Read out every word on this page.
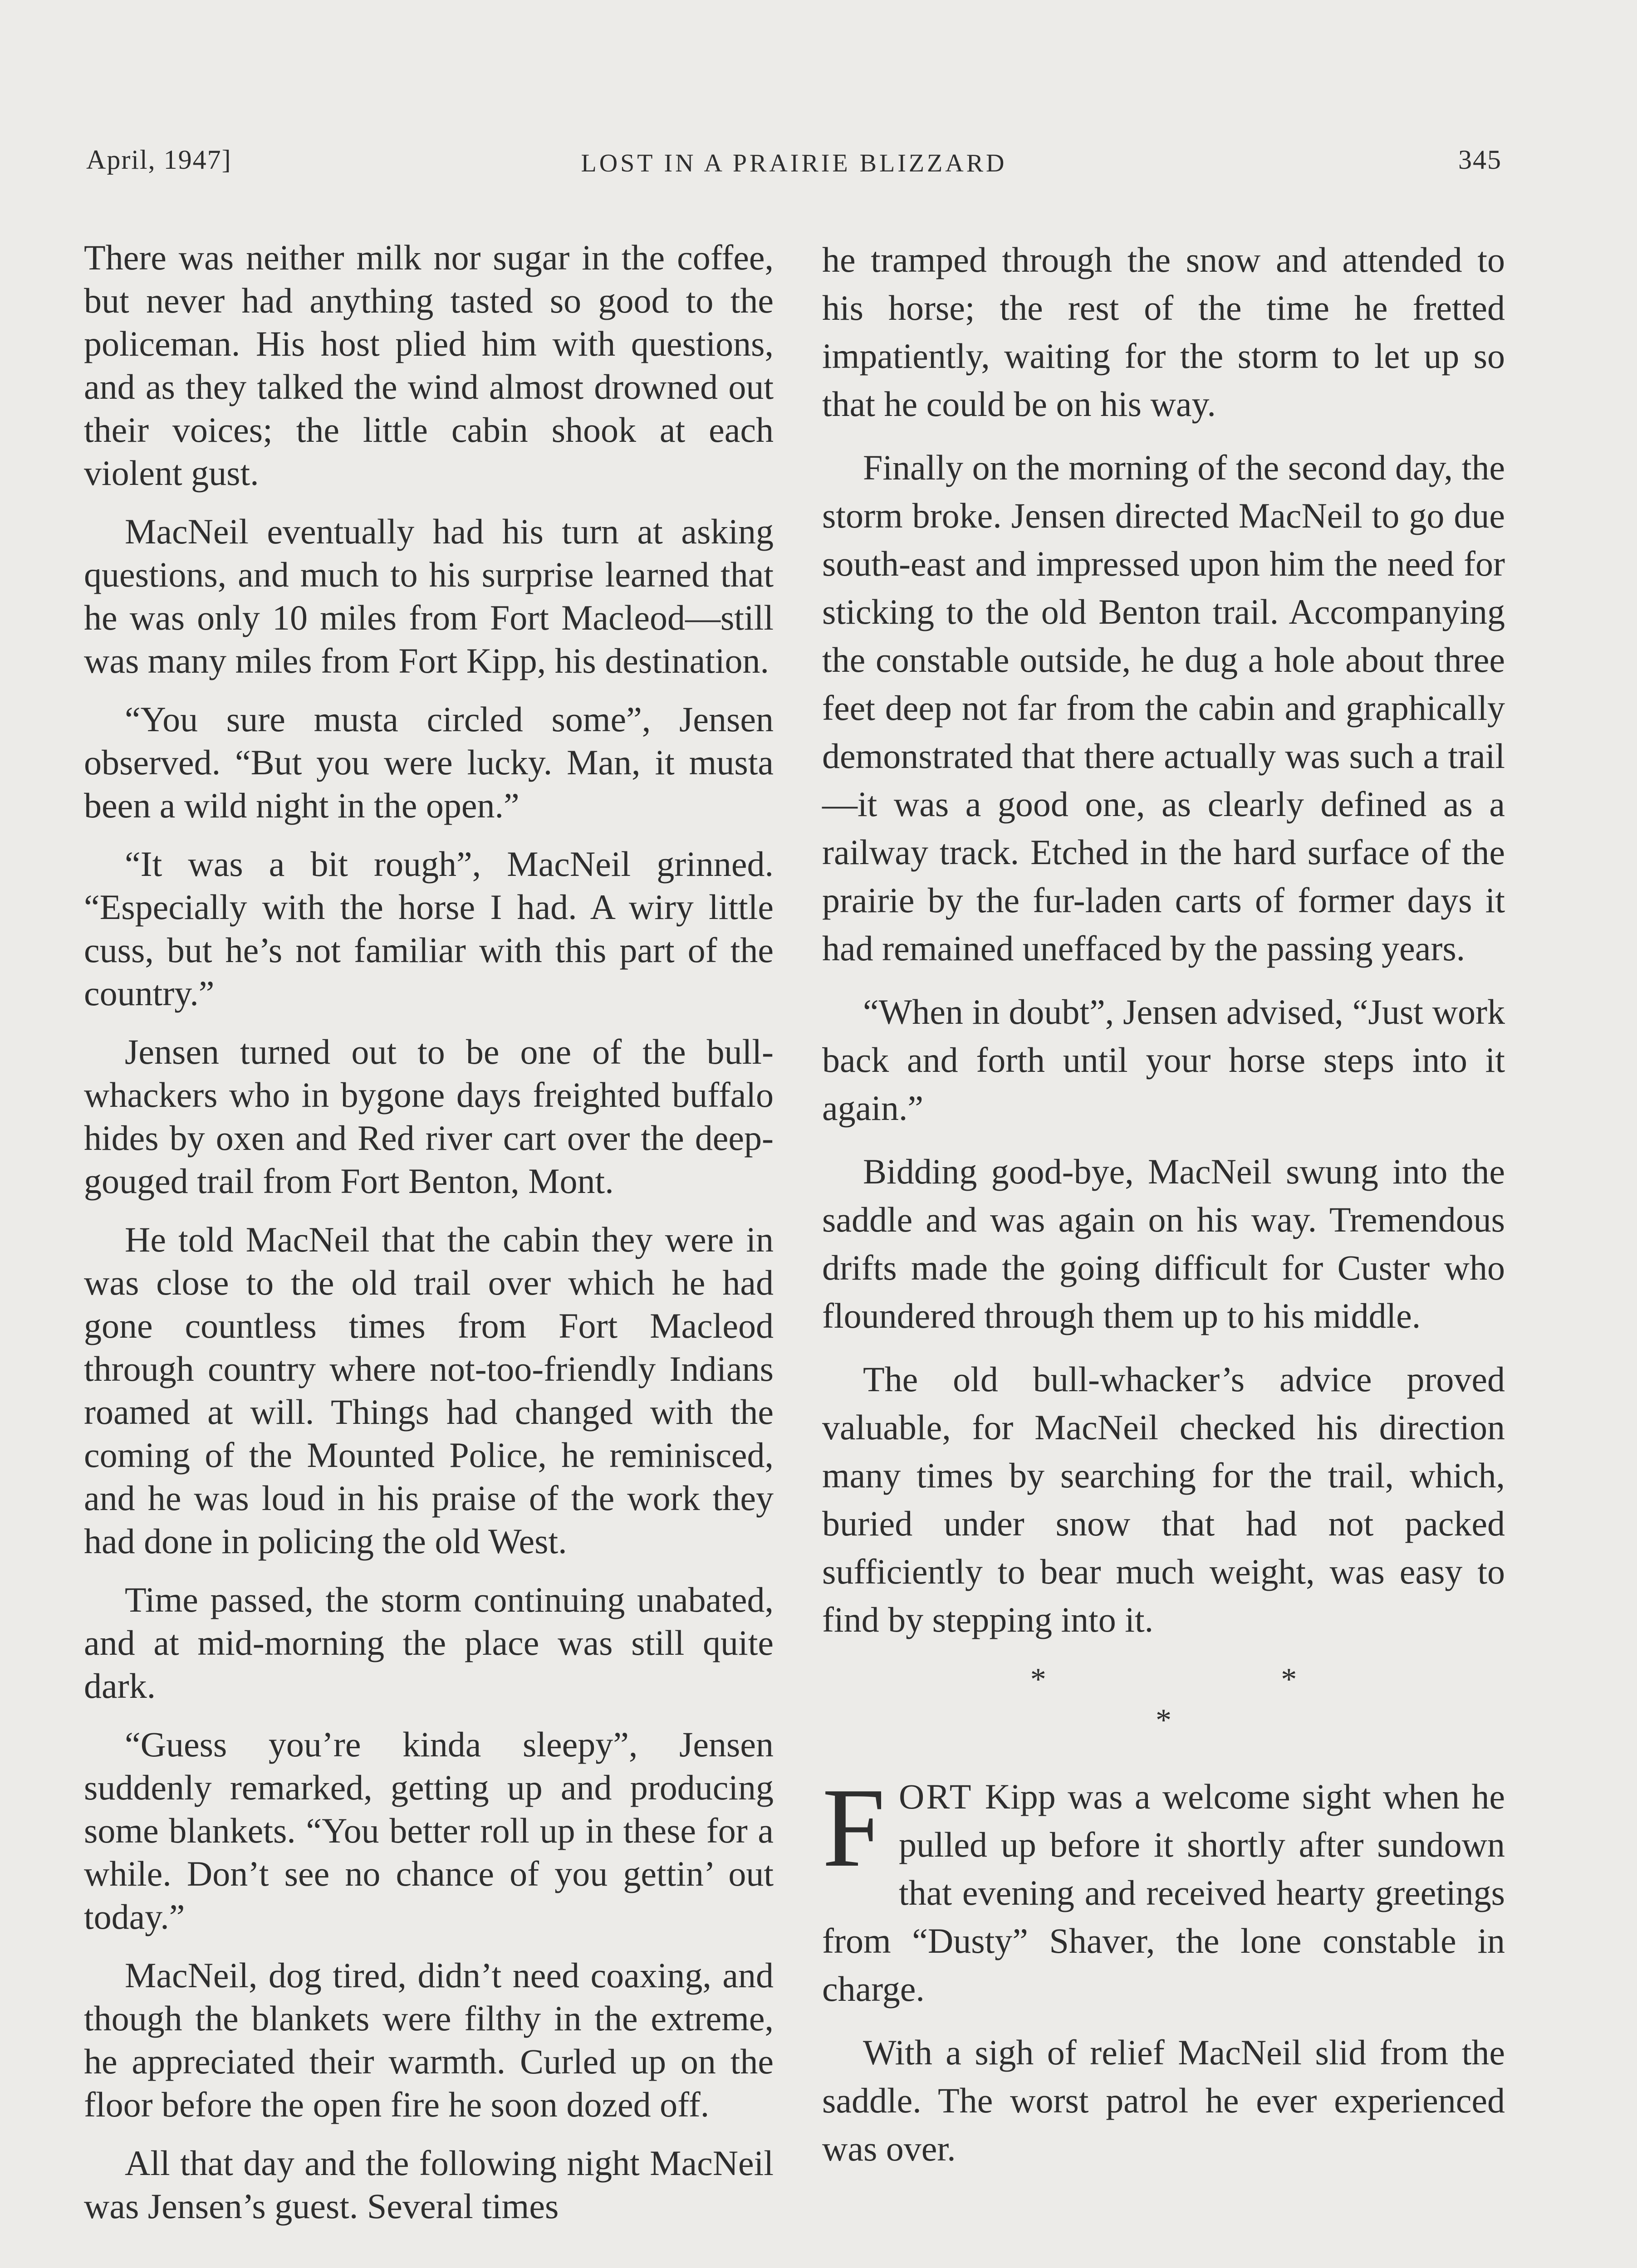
April, 1947]	LOST IN A PRAIRIE BLIZZARD	345

There was neither milk nor sugar in the coffee, but never had anything tasted so good to the policeman. His host plied him with questions, and as they talked the wind almost drowned out their voices; the little cabin shook at each violent gust.

MacNeil eventually had his turn at asking questions, and much to his surprise learned that he was only 10 miles from Fort Macleod—still was many miles from Fort Kipp, his destination.

“You sure musta circled some”, Jensen observed. “But you were lucky. Man, it musta been a wild night in the open.”

“It was a bit rough”, MacNeil grinned. “Especially with the horse I had. A wiry little cuss, but he’s not familiar with this part of the country.”

Jensen turned out to be one of the bull-whackers who in bygone days freighted buffalo hides by oxen and Red river cart over the deep-gouged trail from Fort Benton, Mont.

He told MacNeil that the cabin they were in was close to the old trail over which he had gone countless times from Fort Macleod through country where not-too-friendly Indians roamed at will. Things had changed with the coming of the Mounted Police, he reminisced, and he was loud in his praise of the work they had done in policing the old West.

Time passed, the storm continuing unabated, and at mid-morning the place was still quite dark.

“Guess you’re kinda sleepy”, Jensen suddenly remarked, getting up and producing some blankets. “You better roll up in these for a while. Don’t see no chance of you gettin’ out today.”

MacNeil, dog tired, didn’t need coaxing, and though the blankets were filthy in the extreme, he appreciated their warmth. Curled up on the floor before the open fire he soon dozed off.

All that day and the following night MacNeil was Jensen’s guest. Several times

he tramped through the snow and attended to his horse; the rest of the time he fretted impatiently, waiting for the storm to let up so that he could be on his way.

Finally on the morning of the second day, the storm broke. Jensen directed MacNeil to go due south-east and impressed upon him the need for sticking to the old Benton trail. Accompanying the constable outside, he dug a hole about three feet deep not far from the cabin and graphically demonstrated that there actually was such a trail—it was a good one, as clearly defined as a railway track. Etched in the hard surface of the prairie by the fur-laden carts of former days it had remained uneffaced by the passing years.

“When in doubt”, Jensen advised, “Just work back and forth until your horse steps into it again.”

Bidding good-bye, MacNeil swung into the saddle and was again on his way. Tremendous drifts made the going difficult for Custer who floundered through them up to his middle.

The old bull-whacker’s advice proved valuable, for MacNeil checked his direction many times by searching for the trail, which, buried under snow that had not packed sufficiently to bear much weight, was easy to find by stepping into it.

* * *

FORT Kipp was a welcome sight when he pulled up before it shortly after sundown that evening and received hearty greetings from “Dusty” Shaver, the lone constable in charge.

With a sigh of relief MacNeil slid from the saddle. The worst patrol he ever experienced was over.
